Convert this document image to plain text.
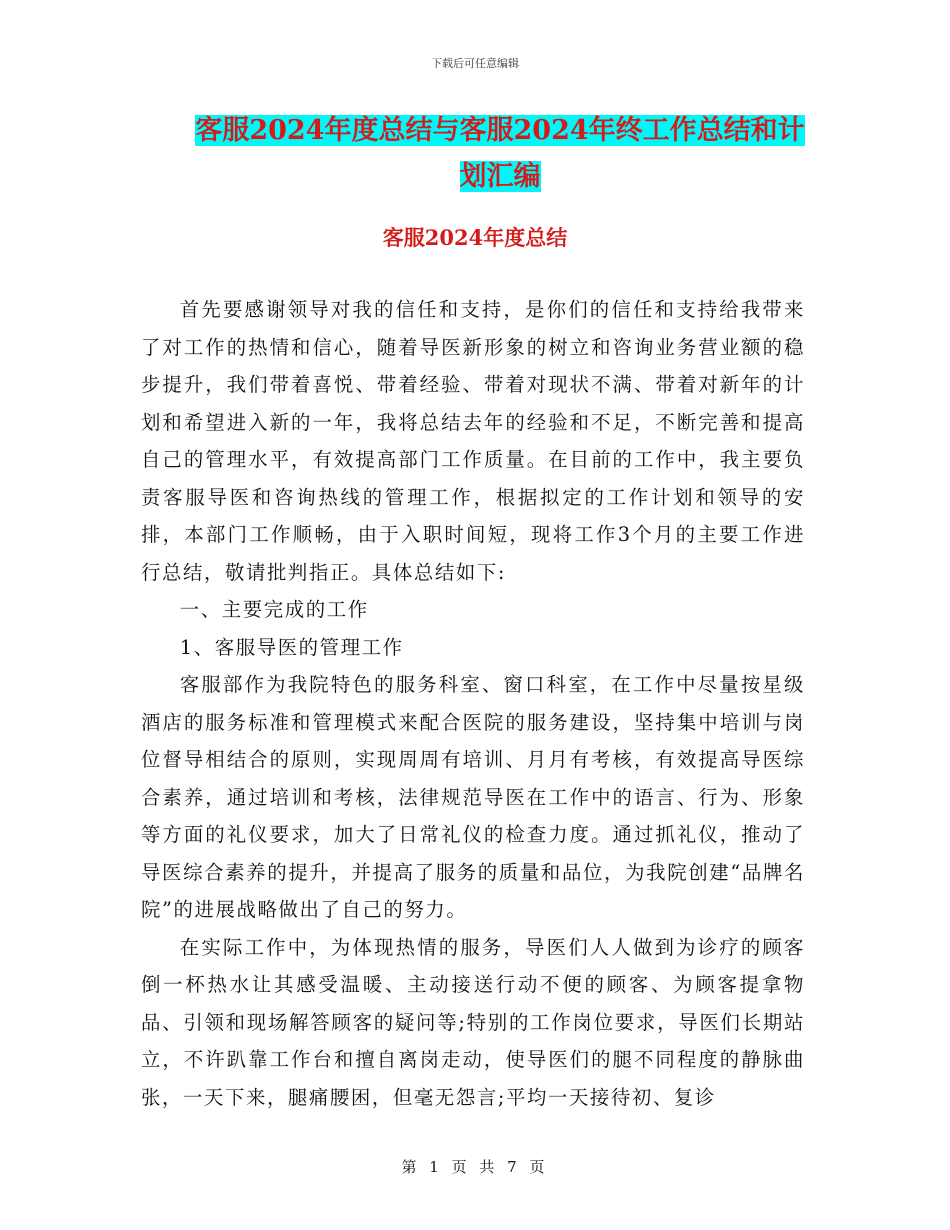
下载后可任意编辑
客服2024年度总结与客服2024年终工作总结和计划汇编
客服2024年度总结

首先要感谢领导对我的信任和支持，是你们的信任和支持给我带来了对工作的热情和信心，随着导医新形象的树立和咨询业务营业额的稳步提升，我们带着喜悦、带着经验、带着对现状不满、带着对新年的计划和希望进入新的一年，我将总结去年的经验和不足，不断完善和提高自己的管理水平，有效提高部门工作质量。在目前的工作中，我主要负责客服导医和咨询热线的管理工作，根据拟定的工作计划和领导的安排，本部门工作顺畅，由于入职时间短，现将工作3个月的主要工作进行总结，敬请批判指正。具体总结如下:

一、主要完成的工作

1、客服导医的管理工作

客服部作为我院特色的服务科室、窗口科室，在工作中尽量按星级酒店的服务标准和管理模式来配合医院的服务建设，坚持集中培训与岗位督导相结合的原则，实现周周有培训、月月有考核，有效提高导医综合素养，通过培训和考核，法律规范导医在工作中的语言、行为、形象等方面的礼仪要求，加大了日常礼仪的检查力度。通过抓礼仪，推动了导医综合素养的提升，并提高了服务的质量和品位，为我院创建“品牌名院”的进展战略做出了自己的努力。

在实际工作中，为体现热情的服务，导医们人人做到为诊疗的顾客倒一杯热水让其感受温暖、主动接送行动不便的顾客、为顾客提拿物品、引领和现场解答顾客的疑问等;特别的工作岗位要求，导医们长期站立，不许趴靠工作台和擅自离岗走动，使导医们的腿不同程度的静脉曲张，一天下来，腿痛腰困，但毫无怨言;平均一天接待初、复诊

第 1 页 共 7 页
